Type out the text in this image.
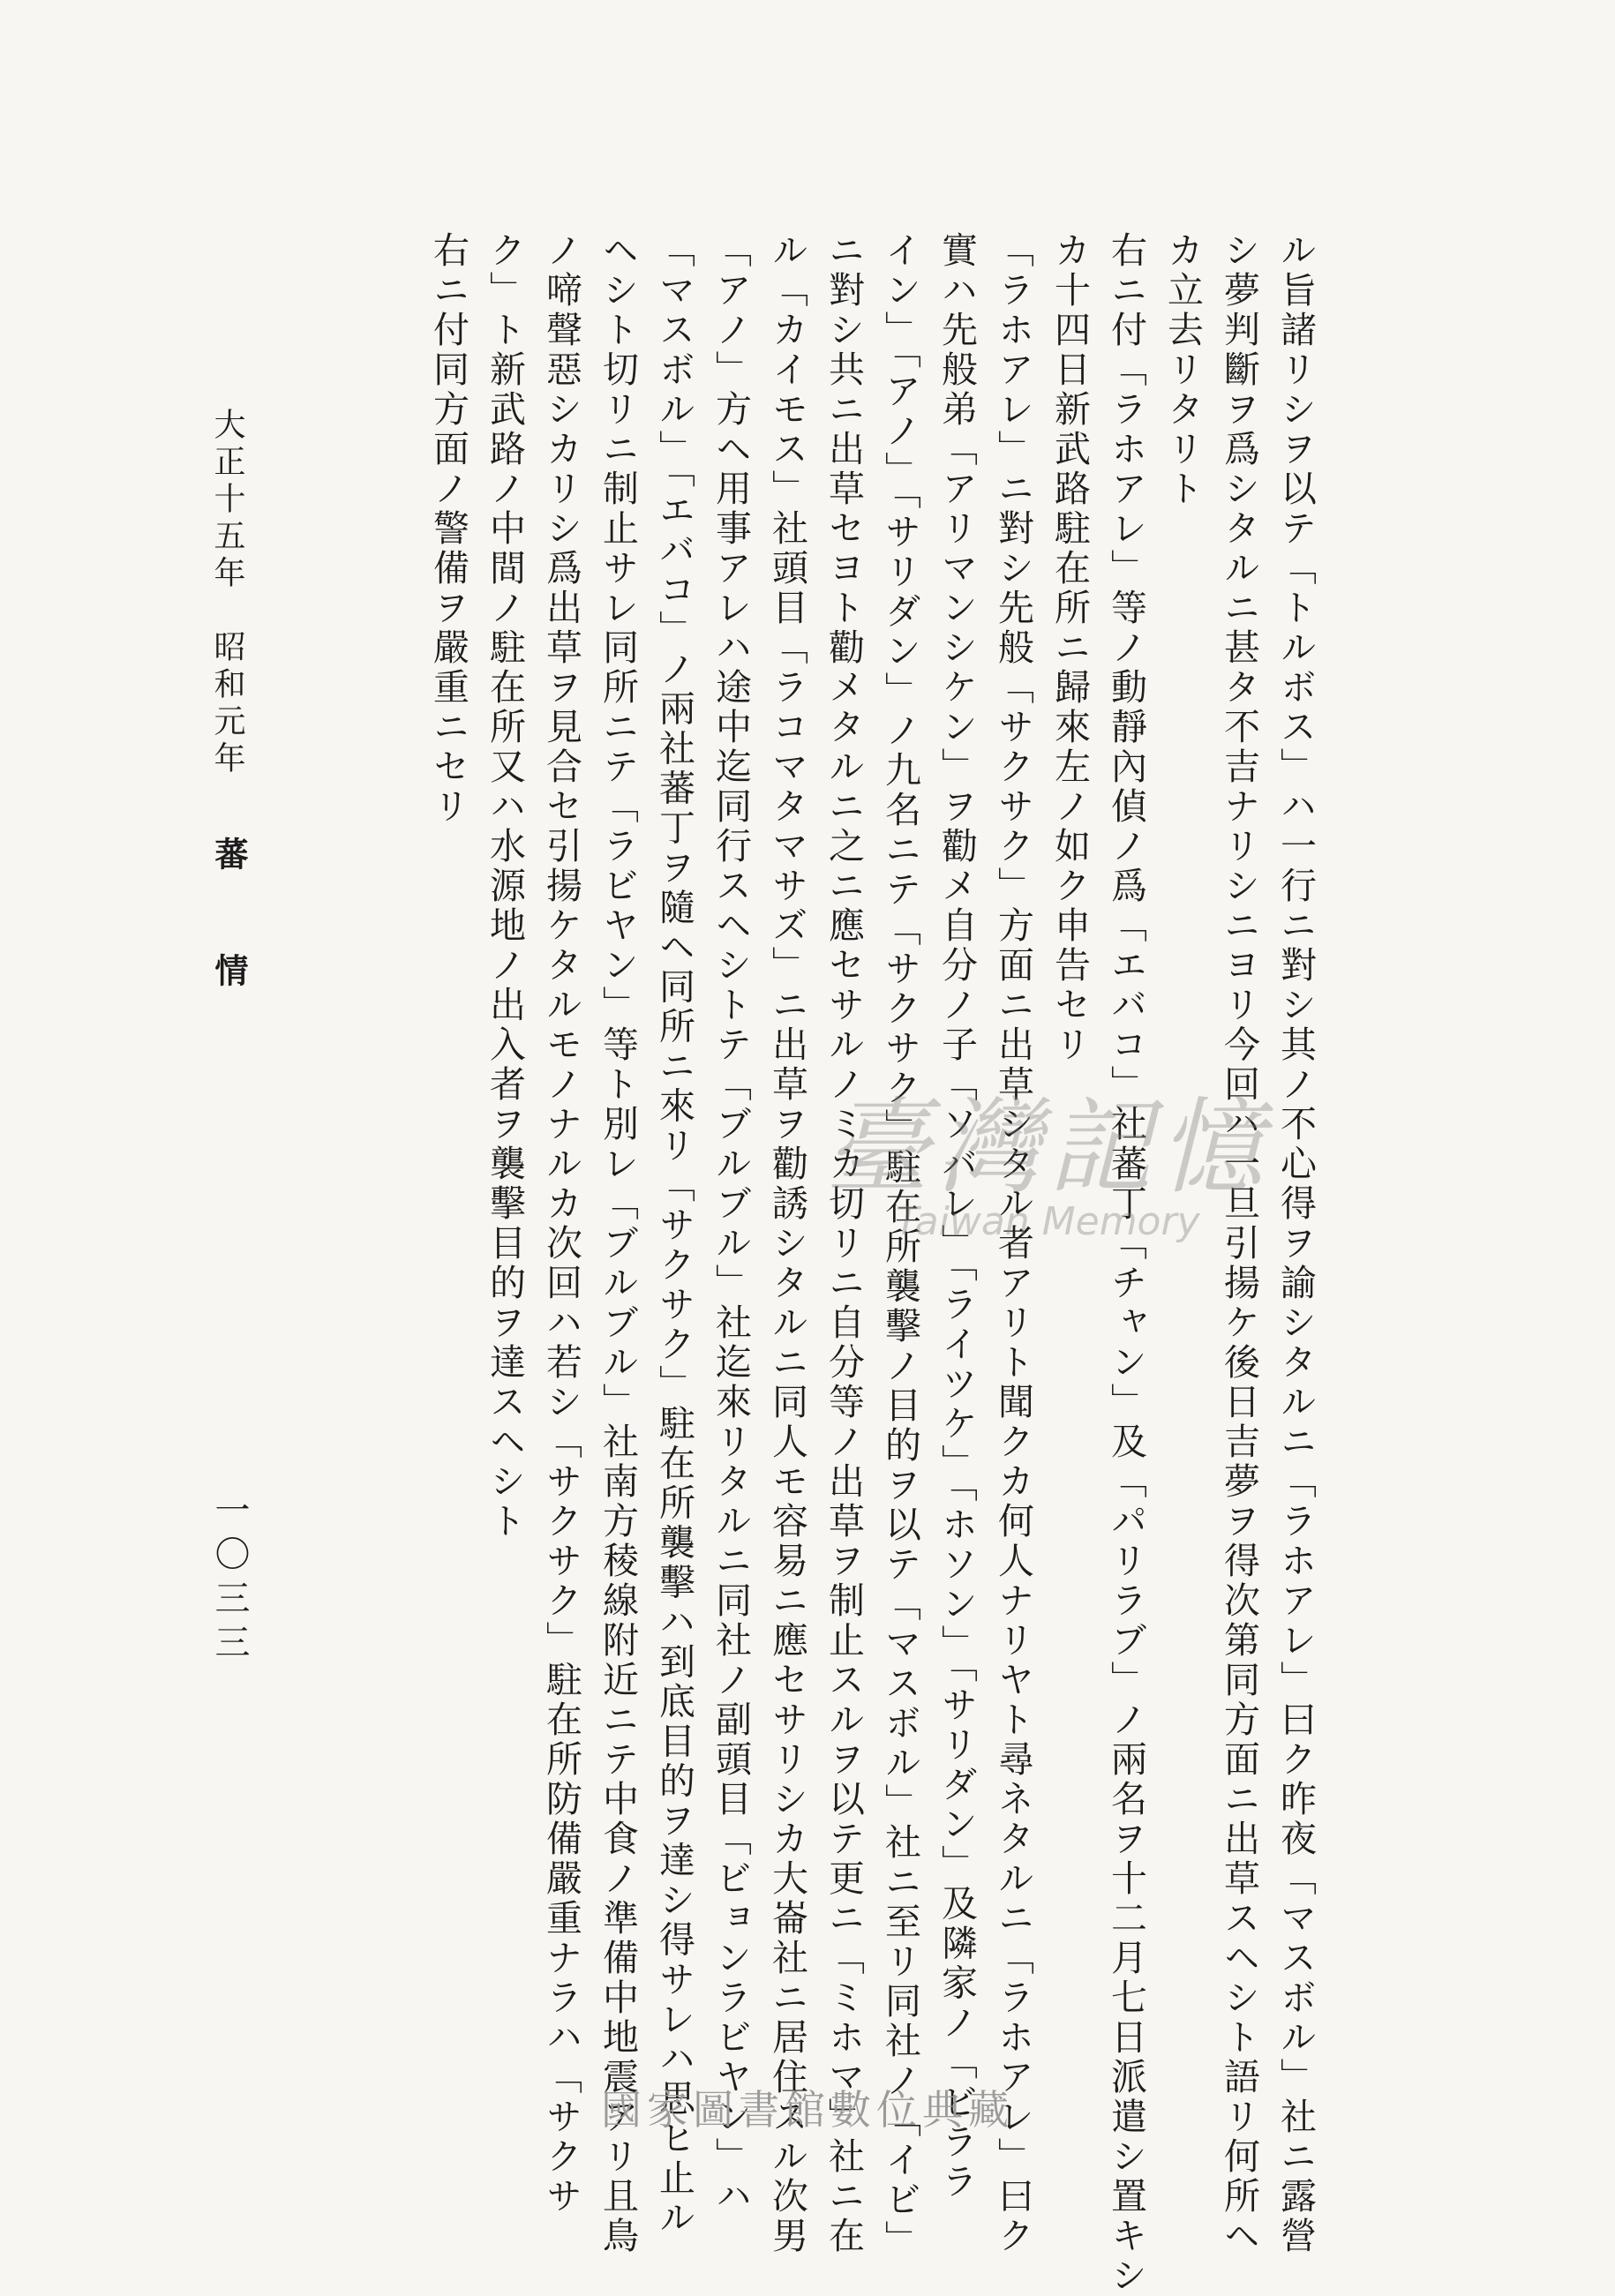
ル旨諸リシヲ以テ「トルボス」ハ一行ニ對シ其ノ不心得ヲ諭シタルニ「ラホアレ」曰ク昨夜「マスボル」社ニ露營

シ夢判斷ヲ爲シタルニ甚タ不吉ナリシニヨリ今回ハ一旦引揚ケ後日吉夢ヲ得次第同方面ニ出草スヘシト語リ何所ヘ

カ立去リタリト

右ニ付「ラホアレ」等ノ動靜內偵ノ爲「エバコ」社蕃丁「チャン」及「パリラブ」ノ兩名ヲ十二月七日派遣シ置キシ

カ十四日新武路駐在所ニ歸來左ノ如ク申告セリ

「ラホアレ」ニ對シ先般「サクサク」方面ニ出草シタル者アリト聞クカ何人ナリヤト尋ネタルニ「ラホアレ」曰ク

實ハ先般弟「アリマンシケン」ヲ勸メ自分ノ子「ソバレ」「ライツケ」「ホソン」「サリダン」及隣家ノ「ビララ

イン」「アノ」「サリダン」ノ九名ニテ「サクサク」駐在所襲擊ノ目的ヲ以テ「マスボル」社ニ至リ同社ノ「イビ」

ニ對シ共ニ出草セヨト勸メタルニ之ニ應セサルノミカ切リニ自分等ノ出草ヲ制止スルヲ以テ更ニ「ミホマ」社ニ在

ル「カイモス」社頭目「ラコマタマサズ」ニ出草ヲ勸誘シタルニ同人モ容易ニ應セサリシカ大崙社ニ居住スル次男

「アノ」方ヘ用事アレハ途中迄同行スヘシトテ「ブルブル」社迄來リタルニ同社ノ副頭目「ビョンラビヤン」ハ

「マスボル」「エバコ」ノ兩社蕃丁ヲ隨ヘ同所ニ來リ「サクサク」駐在所襲擊ハ到底目的ヲ達シ得サレハ思ヒ止ル

ヘシト切リニ制止サレ同所ニテ「ラビヤン」等ト別レ「ブルブル」社南方稜線附近ニテ中食ノ準備中地震アリ且鳥

ノ啼聲惡シカリシ爲出草ヲ見合セ引揚ケタルモノナルカ次回ハ若シ「サクサク」駐在所防備嚴重ナラハ「サクサ

ク」ト新武路ノ中間ノ駐在所又ハ水源地ノ出入者ヲ襲擊目的ヲ達スヘシト

右ニ付同方面ノ警備ヲ嚴重ニセリ

大正十五年　昭和元年
蕃　　情
一〇三三
臺灣記憶
Taiwan Memory
國家圖書館數位典藏
